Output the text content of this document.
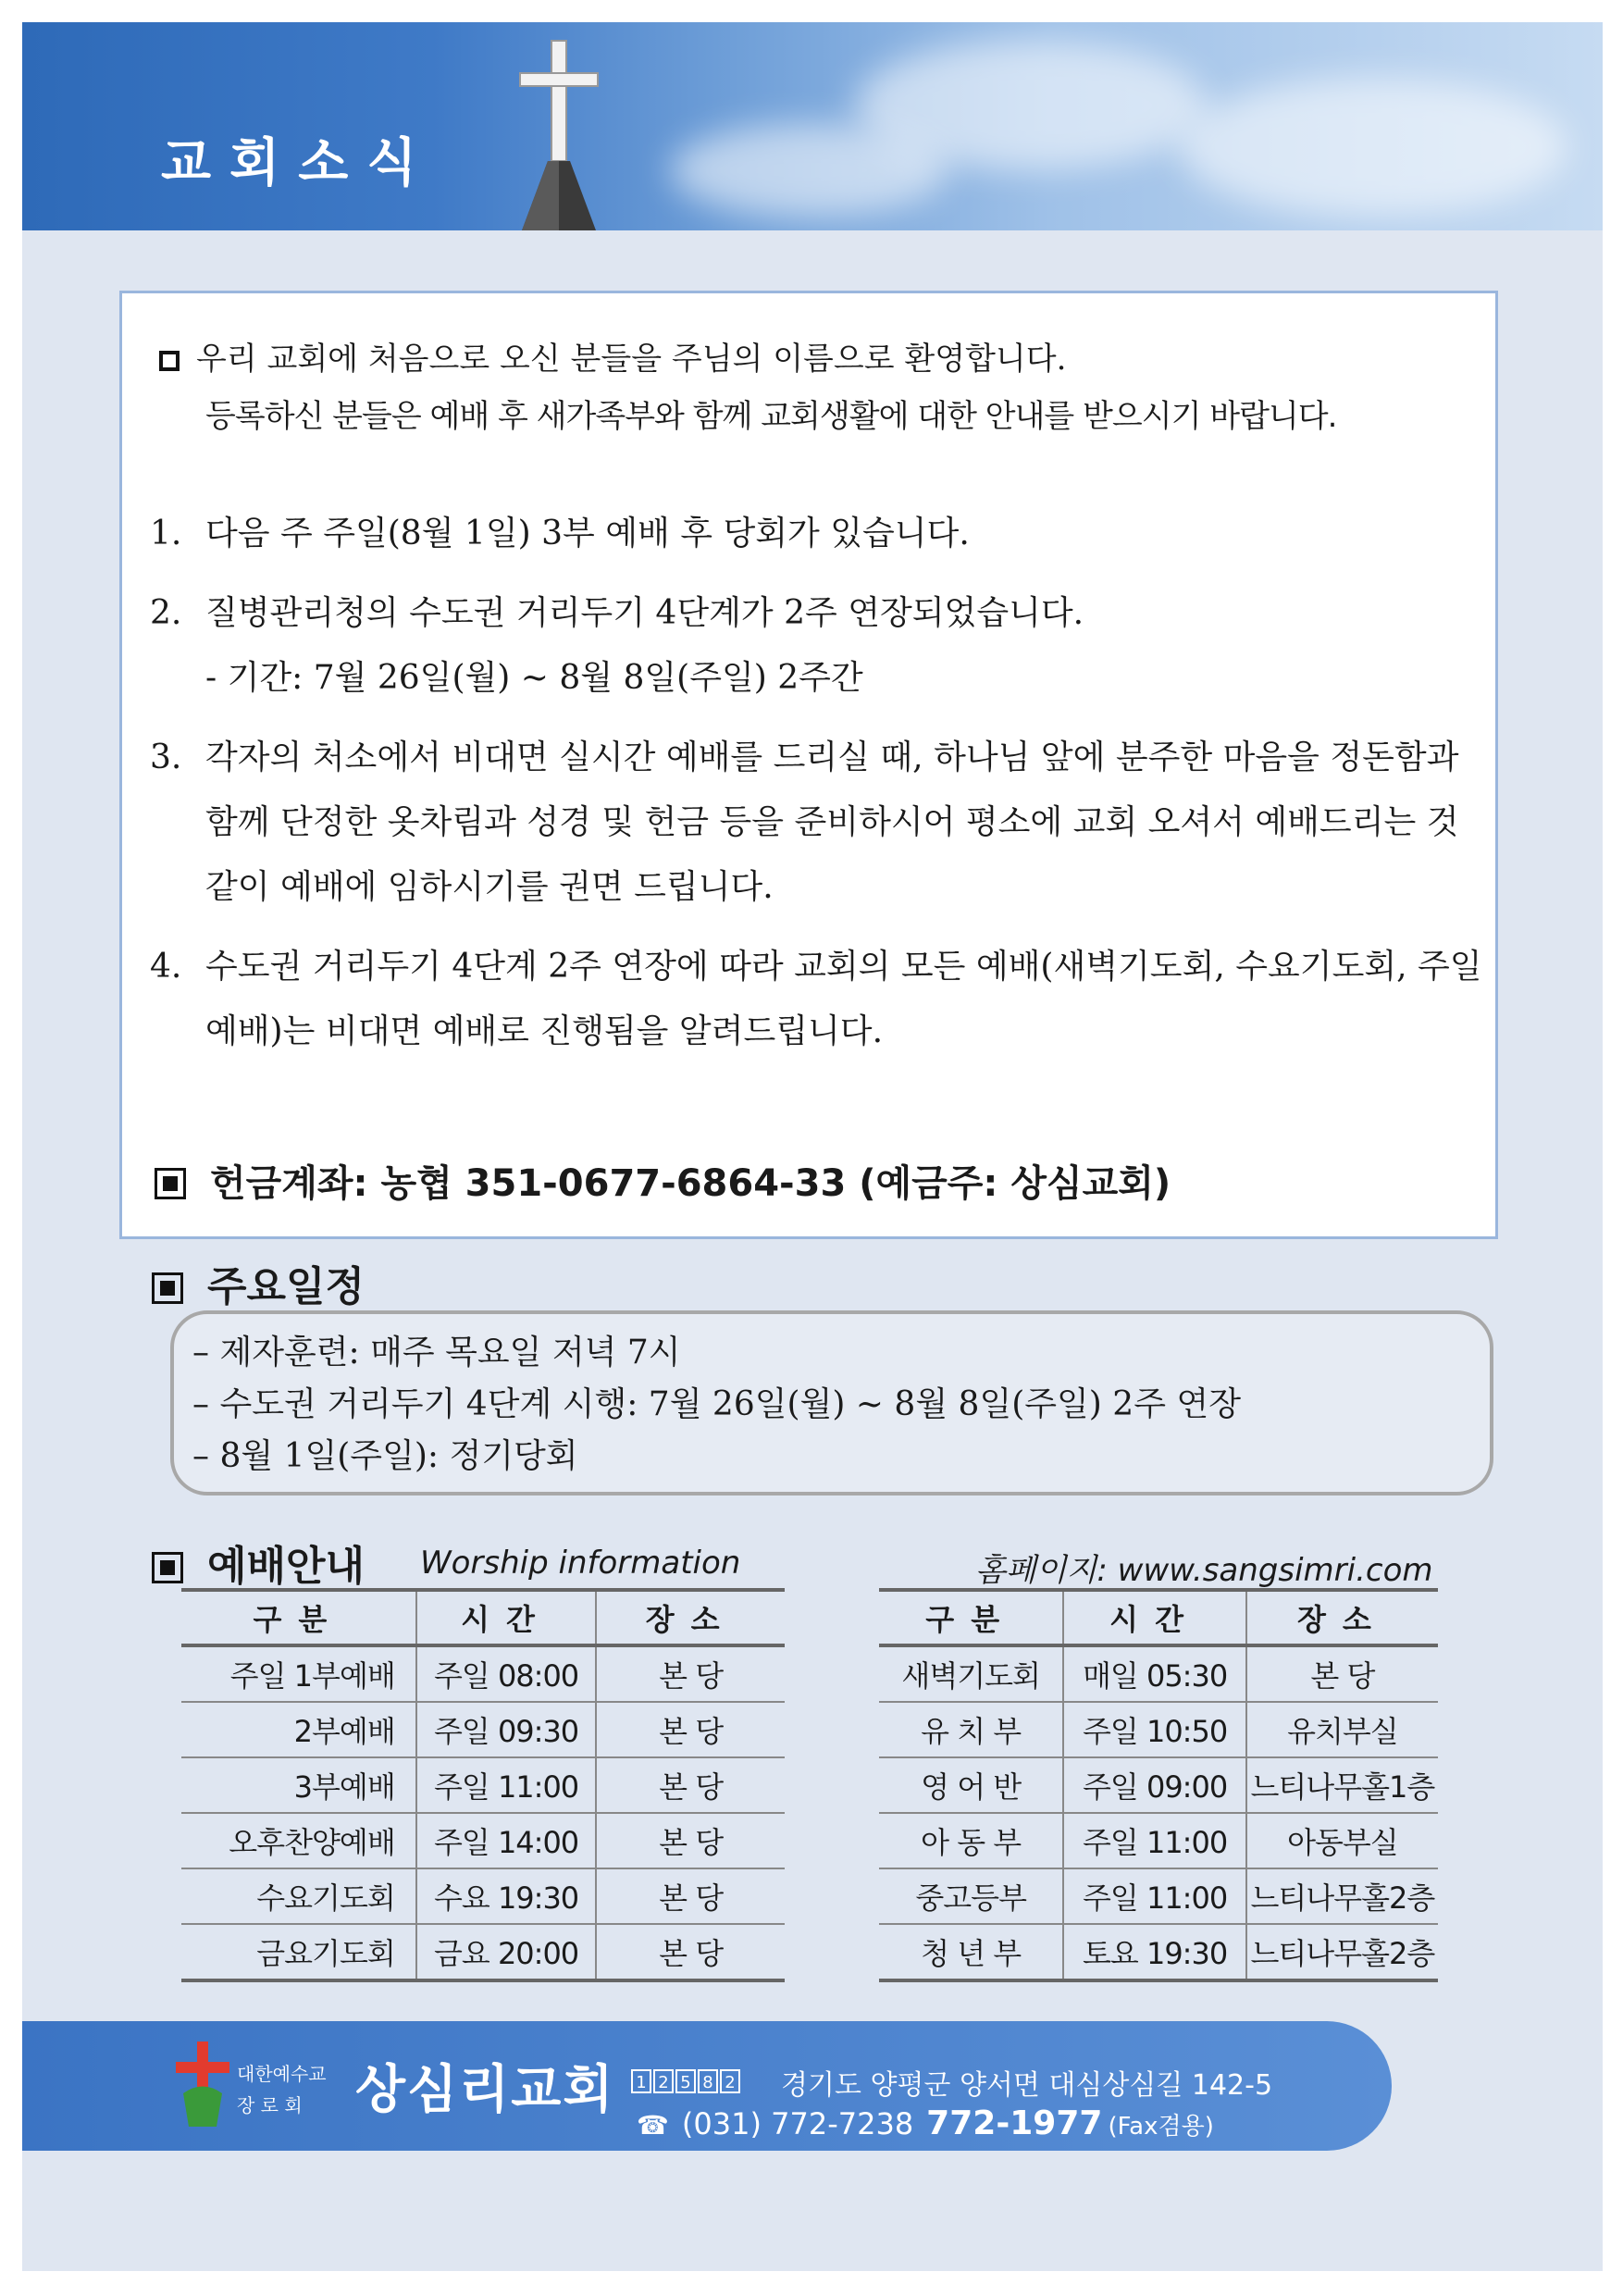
교회소식
우리 교회에 처음으로 오신 분들을 주님의 이름으로 환영합니다.
등록하신 분들은 예배 후 새가족부와 함께 교회생활에 대한 안내를 받으시기 바랍니다.
1. 다음 주 주일(8월 1일) 3부 예배 후 당회가 있습니다.
2. 질병관리청의 수도권 거리두기 4단계가 2주 연장되었습니다.
- 기간: 7월 26일(월) ~ 8월 8일(주일) 2주간
3. 각자의 처소에서 비대면 실시간 예배를 드리실 때, 하나님 앞에 분주한 마음을 정돈함과 함께 단정한 옷차림과 성경 및 헌금 등을 준비하시어 평소에 교회 오셔서 예배드리는 것 같이 예배에 임하시기를 권면 드립니다.
4. 수도권 거리두기 4단계 2주 연장에 따라 교회의 모든 예배(새벽기도회, 수요기도회, 주일예배)는 비대면 예배로 진행됨을 알려드립니다.
헌금계좌: 농협 351-0677-6864-33 (예금주: 상심교회)
주요일정
– 제자훈련: 매주 목요일 저녁 7시
– 수도권 거리두기 4단계 시행: 7월 26일(월) ~ 8월 8일(주일) 2주 연장
– 8월 1일(주일): 정기당회
예배안내 Worship information	홈페이지: www.sangsimri.com
구분	시간	장소
주일 1부예배	주일 08:00	본 당
2부예배	주일 09:30	본 당
3부예배	주일 11:00	본 당
오후찬양예배	주일 14:00	본 당
수요기도회	수요 19:30	본 당
금요기도회	금요 20:00	본 당
구분	시간	장소
새벽기도회	매일 05:30	본 당
유 치 부	주일 10:50	유치부실
영 어 반	주일 09:00	느티나무홀1층
아 동 부	주일 11:00	아동부실
중고등부	주일 11:00	느티나무홀2층
청 년 부	토요 19:30	느티나무홀2층
대한예수교
장 로 회	상심리교회 1 2 5 8 2 경기도 양평군 양서면 대심상심길 142-5
☎ (031) 772-7238 772-1977 (Fax겸용)
